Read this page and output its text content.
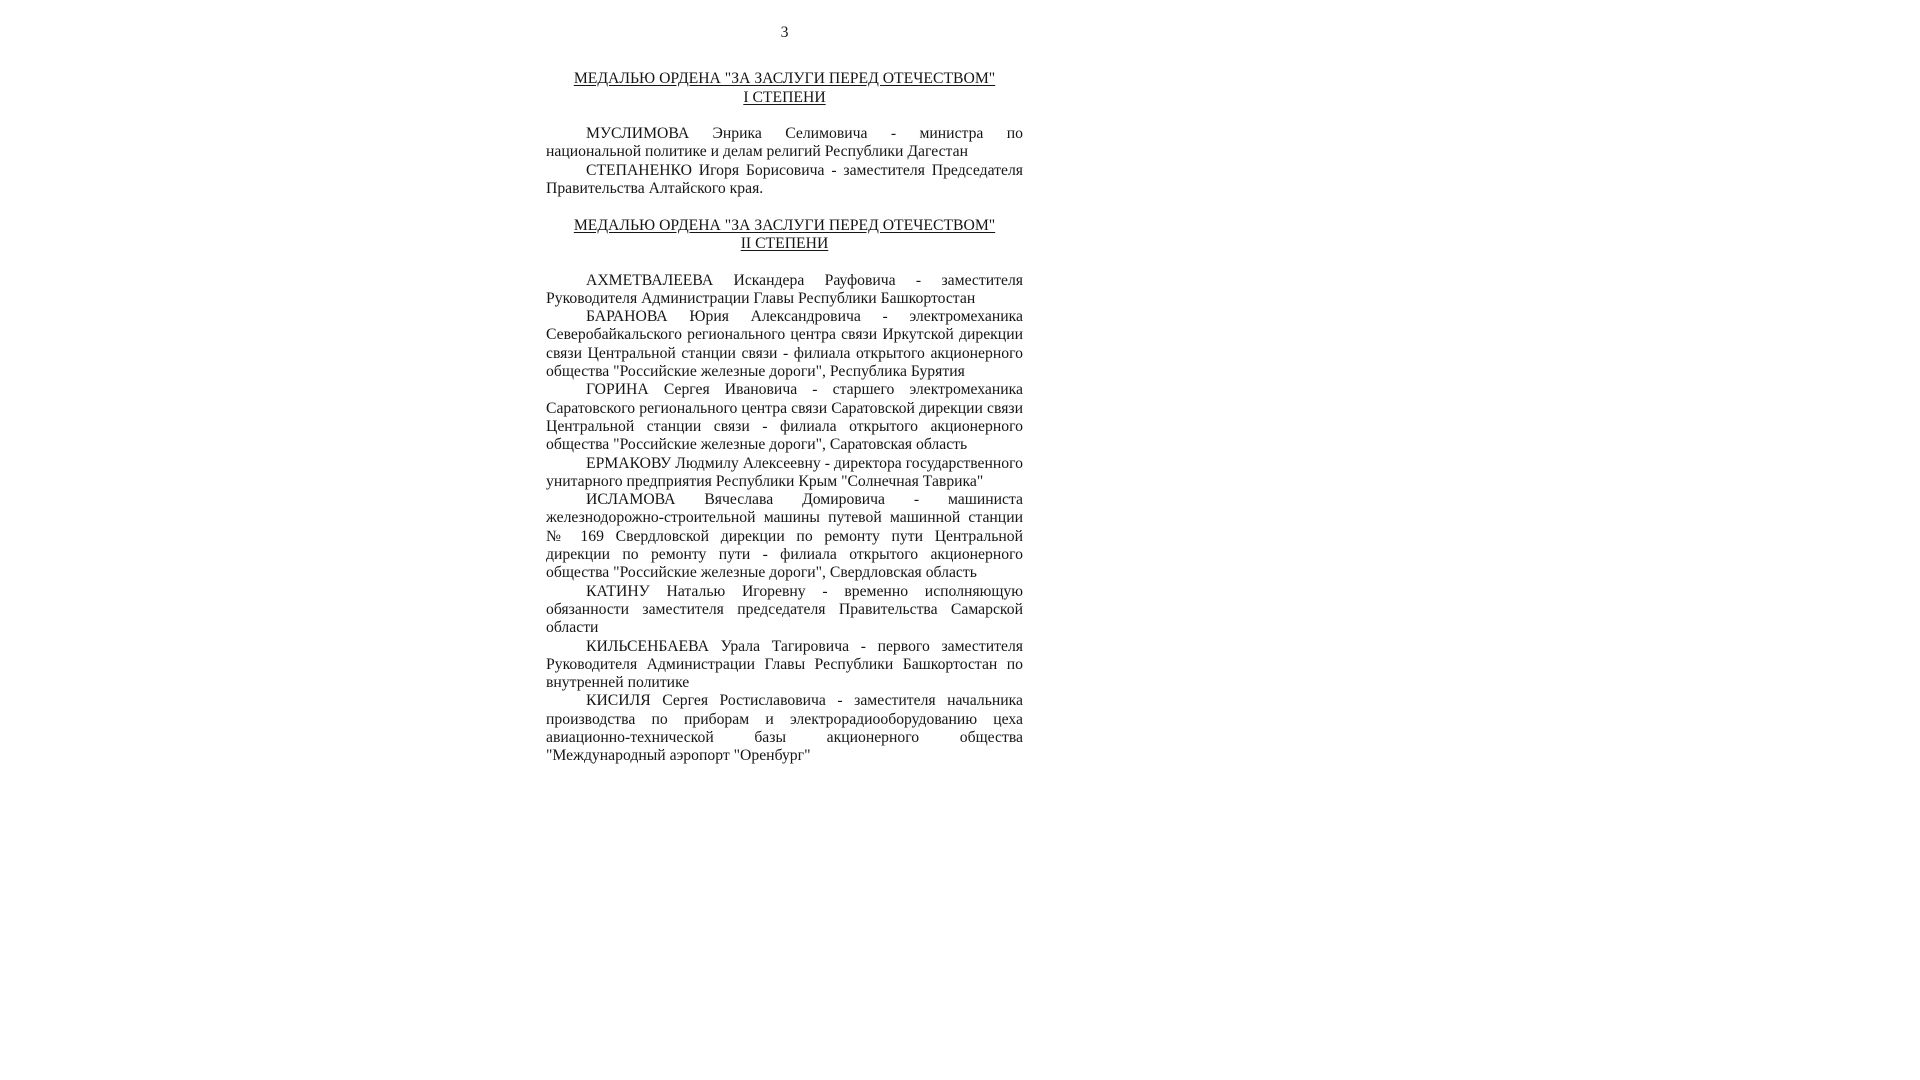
3
МЕДАЛЬЮ ОРДЕНА "ЗА ЗАСЛУГИ ПЕРЕД ОТЕЧЕСТВОМ"
I СТЕПЕНИ

МУСЛИМОВА Энрика Селимовича - министра по национальной политике и делам религий Республики Дагестан

СТЕПАНЕНКО Игоря Борисовича - заместителя Председателя Правительства Алтайского края.

МЕДАЛЬЮ ОРДЕНА "ЗА ЗАСЛУГИ ПЕРЕД ОТЕЧЕСТВОМ"
II СТЕПЕНИ

АХМЕТВАЛЕЕВА Искандера Рауфовича - заместителя Руководителя Администрации Главы Республики Башкортостан

БАРАНОВА Юрия Александровича - электромеханика Северобайкальского регионального центра связи Иркутской дирекции связи Центральной станции связи - филиала открытого акционерного общества "Российские железные дороги", Республика Бурятия

ГОРИНА Сергея Ивановича - старшего электромеханика Саратовского регионального центра связи Саратовской дирекции связи Центральной станции связи - филиала открытого акционерного общества "Российские железные дороги", Саратовская область

ЕРМАКОВУ Людмилу Алексеевну - директора государственного унитарного предприятия Республики Крым "Солнечная Таврика"

ИСЛАМОВА Вячеслава Домировича - машиниста железнодорожно-строительной машины путевой машинной станции № 169 Свердловской дирекции по ремонту пути Центральной дирекции по ремонту пути - филиала открытого акционерного общества "Российские железные дороги", Свердловская область

КАТИНУ Наталью Игоревну - временно исполняющую обязанности заместителя председателя Правительства Самарской области

КИЛЬСЕНБАЕВА Урала Тагировича - первого заместителя Руководителя Администрации Главы Республики Башкортостан по внутренней политике

КИСИЛЯ Сергея Ростиславовича - заместителя начальника производства по приборам и электрорадиооборудованию цеха авиационно-технической базы акционерного общества "Международный аэропорт "Оренбург"
